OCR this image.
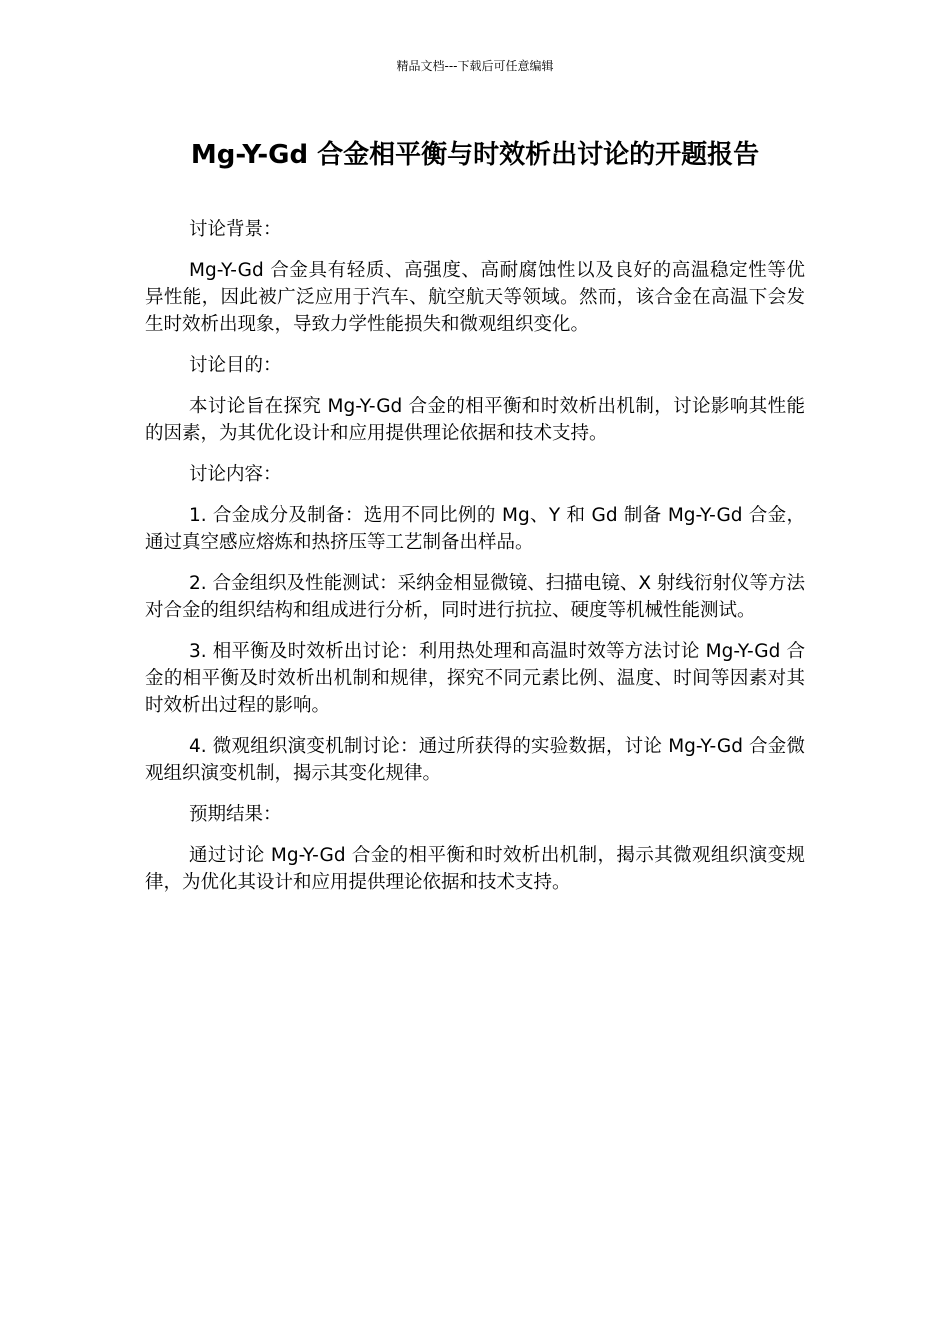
精品文档---下载后可任意编辑
Mg-Y-Gd 合金相平衡与时效析出讨论的开题报告

讨论背景：

Mg-Y-Gd 合金具有轻质、高强度、高耐腐蚀性以及良好的高温稳定性等优异性能，因此被广泛应用于汽车、航空航天等领域。然而，该合金在高温下会发生时效析出现象，导致力学性能损失和微观组织变化。

讨论目的：

本讨论旨在探究 Mg-Y-Gd 合金的相平衡和时效析出机制，讨论影响其性能的因素，为其优化设计和应用提供理论依据和技术支持。

讨论内容：

1. 合金成分及制备：选用不同比例的 Mg、Y 和 Gd 制备 Mg-Y-Gd 合金，通过真空感应熔炼和热挤压等工艺制备出样品。

2. 合金组织及性能测试：采纳金相显微镜、扫描电镜、X 射线衍射仪等方法对合金的组织结构和组成进行分析，同时进行抗拉、硬度等机械性能测试。

3. 相平衡及时效析出讨论：利用热处理和高温时效等方法讨论 Mg-Y-Gd 合金的相平衡及时效析出机制和规律，探究不同元素比例、温度、时间等因素对其时效析出过程的影响。

4. 微观组织演变机制讨论：通过所获得的实验数据，讨论 Mg-Y-Gd 合金微观组织演变机制，揭示其变化规律。

预期结果：

通过讨论 Mg-Y-Gd 合金的相平衡和时效析出机制，揭示其微观组织演变规律，为优化其设计和应用提供理论依据和技术支持。
